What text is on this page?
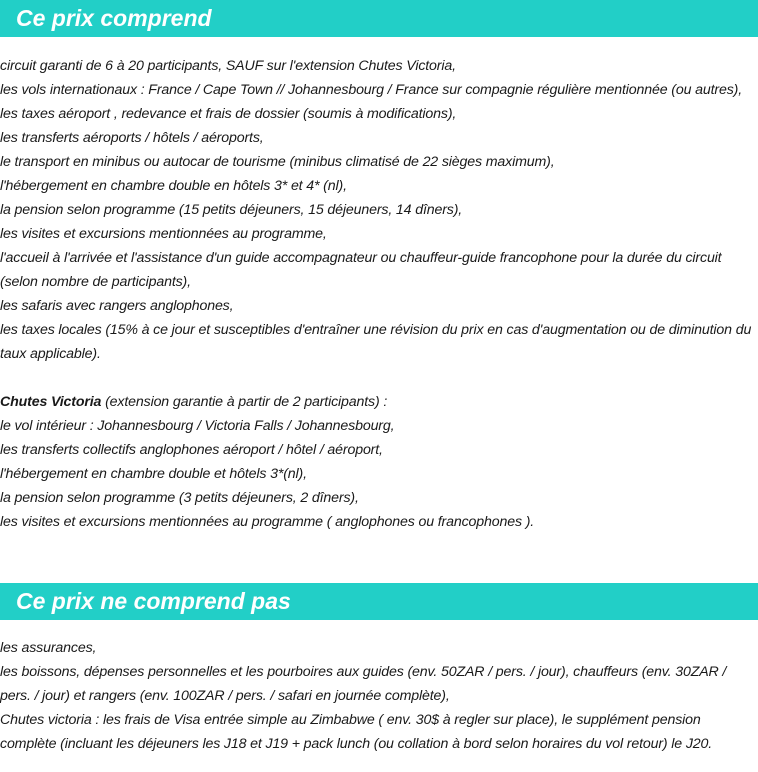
Ce prix comprend
circuit garanti de 6 à 20 participants, SAUF sur l'extension Chutes Victoria,
les vols internationaux : France / Cape Town // Johannesbourg / France sur compagnie régulière mentionnée (ou autres),
les taxes aéroport , redevance et frais de dossier (soumis à modifications),
les transferts aéroports / hôtels / aéroports,
le transport en minibus ou autocar de tourisme (minibus climatisé de 22 sièges maximum),
l'hébergement en chambre double en hôtels 3* et 4* (nl),
la pension selon programme (15 petits déjeuners, 15 déjeuners, 14 dîners),
les visites et excursions mentionnées au programme,
l'accueil à l'arrivée et l'assistance d'un guide accompagnateur ou chauffeur-guide francophone pour la durée du circuit (selon nombre de participants),
les safaris avec rangers anglophones,
les taxes locales (15% à ce jour et susceptibles d'entraîner une révision du prix en cas d'augmentation ou de diminution du taux applicable).
Chutes Victoria (extension garantie à partir de 2 participants) :
le vol intérieur : Johannesbourg / Victoria Falls / Johannesbourg,
les transferts collectifs anglophones aéroport / hôtel / aéroport,
l'hébergement en chambre double et hôtels 3*(nl),
la pension selon programme (3 petits déjeuners, 2 dîners),
les visites et excursions mentionnées au programme ( anglophones ou francophones ).
Ce prix ne comprend pas
les assurances,
les boissons, dépenses personnelles et les pourboires aux guides (env. 50ZAR / pers. / jour), chauffeurs (env. 30ZAR / pers. / jour) et rangers (env. 100ZAR / pers. / safari en journée complète),
Chutes victoria : les frais de Visa entrée simple au Zimbabwe ( env. 30$ à regler sur place), le supplément pension complète (incluant les déjeuners les J18 et J19 + pack lunch (ou collation à bord selon horaires du vol retour) le J20.
